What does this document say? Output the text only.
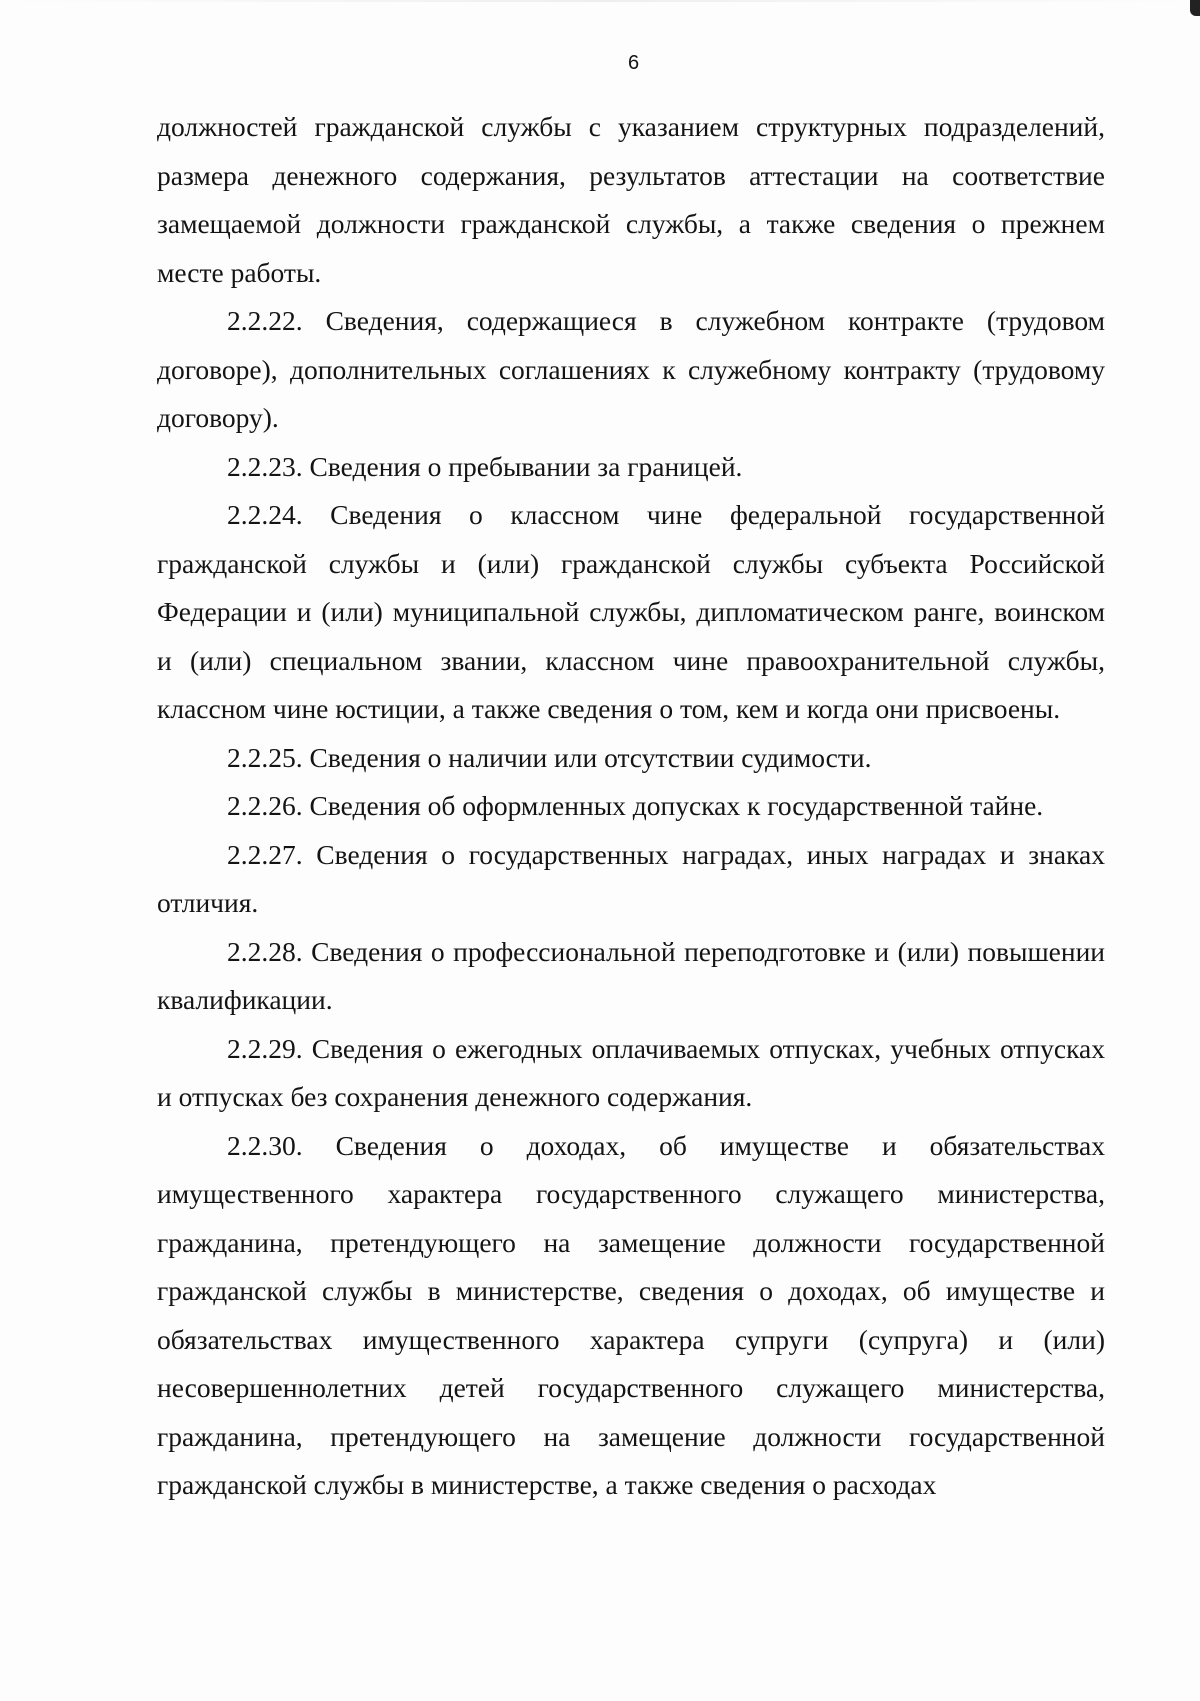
6

должностей гражданской службы с указанием структурных подразделений, размера денежного содержания, результатов аттестации на соответствие замещаемой должности гражданской службы, а также сведения о прежнем месте работы.

2.2.22. Сведения, содержащиеся в служебном контракте (трудовом договоре), дополнительных соглашениях к служебному контракту (трудовому договору).

2.2.23. Сведения о пребывании за границей.

2.2.24. Сведения о классном чине федеральной государственной гражданской службы и (или) гражданской службы субъекта Российской Федерации и (или) муниципальной службы, дипломатическом ранге, воинском и (или) специальном звании, классном чине правоохранительной службы, классном чине юстиции, а также сведения о том, кем и когда они присвоены.

2.2.25. Сведения о наличии или отсутствии судимости.

2.2.26. Сведения об оформленных допусках к государственной тайне.

2.2.27. Сведения о государственных наградах, иных наградах и знаках отличия.

2.2.28. Сведения о профессиональной переподготовке и (или) повышении квалификации.

2.2.29. Сведения о ежегодных оплачиваемых отпусках, учебных отпусках и отпусках без сохранения денежного содержания.

2.2.30. Сведения о доходах, об имуществе и обязательствах имущественного характера государственного служащего министерства, гражданина, претендующего на замещение должности государственной гражданской службы в министерстве, сведения о доходах, об имуществе и обязательствах имущественного характера супруги (супруга) и (или) несовершеннолетних детей государственного служащего министерства, гражданина, претендующего на замещение должности государственной гражданской службы в министерстве, а также сведения о расходах
